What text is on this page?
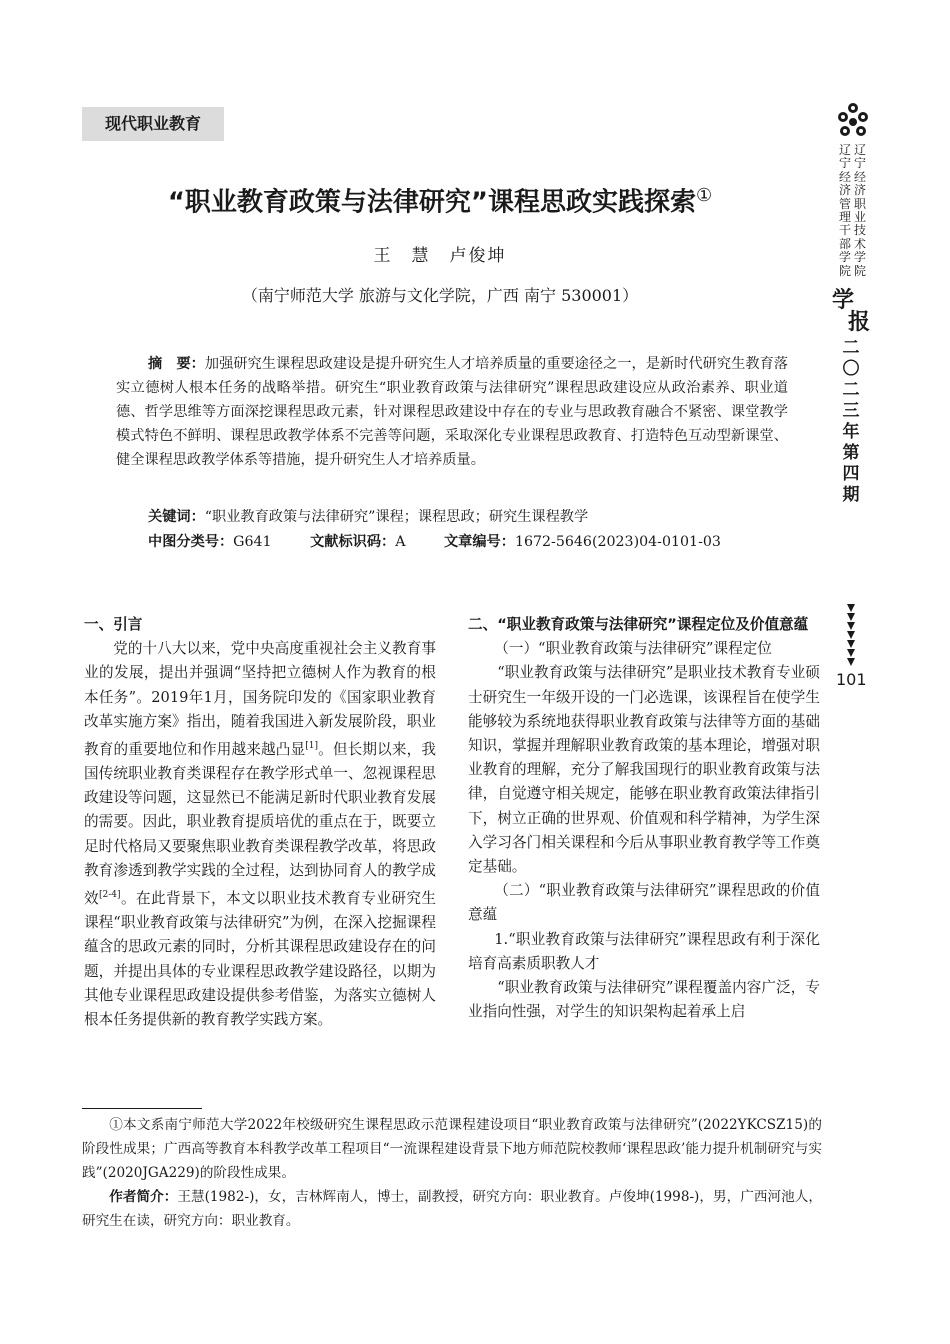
现代职业教育
“职业教育政策与法律研究”课程思政实践探索①
王　慧　卢俊坤
（南宁师范大学 旅游与文化学院，广西 南宁 530001）
摘　要：加强研究生课程思政建设是提升研究生人才培养质量的重要途径之一，是新时代研究生教育落实立德树人根本任务的战略举措。研究生“职业教育政策与法律研究”课程思政建设应从政治素养、职业道德、哲学思维等方面深挖课程思政元素，针对课程思政建设中存在的专业与思政教育融合不紧密、课堂教学模式特色不鲜明、课程思政教学体系不完善等问题，采取深化专业课程思政教育、打造特色互动型新课堂、健全课程思政教学体系等措施，提升研究生人才培养质量。
关键词：“职业教育政策与法律研究”课程；课程思政；研究生课程教学
中图分类号：G641	文献标识码：A	文章编号：1672-5646(2023)04-0101-03
一、引言

党的十八大以来，党中央高度重视社会主义教育事业的发展，提出并强调“坚持把立德树人作为教育的根本任务”。2019年1月，国务院印发的《国家职业教育改革实施方案》指出，随着我国进入新发展阶段，职业教育的重要地位和作用越来越凸显[1]。但长期以来，我国传统职业教育类课程存在教学形式单一、忽视课程思政建设等问题，这显然已不能满足新时代职业教育发展的需要。因此，职业教育提质培优的重点在于，既要立足时代格局又要聚焦职业教育类课程教学改革，将思政教育渗透到教学实践的全过程，达到协同育人的教学成效[2-4]。在此背景下，本文以职业技术教育专业研究生课程“职业教育政策与法律研究”为例，在深入挖掘课程蕴含的思政元素的同时，分析其课程思政建设存在的问题，并提出具体的专业课程思政教学建设路径，以期为其他专业课程思政建设提供参考借鉴，为落实立德树人根本任务提供新的教育教学实践方案。

二、“职业教育政策与法律研究”课程定位及价值意蕴
（一）“职业教育政策与法律研究”课程定位

“职业教育政策与法律研究”是职业技术教育专业硕士研究生一年级开设的一门必选课，该课程旨在使学生能够较为系统地获得职业教育政策与法律等方面的基础知识，掌握并理解职业教育政策的基本理论，增强对职业教育的理解，充分了解我国现行的职业教育政策与法律，自觉遵守相关规定，能够在职业教育政策法律指引下，树立正确的世界观、价值观和科学精神，为学生深入学习各门相关课程和今后从事职业教育教学等工作奠定基础。

（二）“职业教育政策与法律研究”课程思政的价值意蕴

1.“职业教育政策与法律研究”课程思政有利于深化培育高素质职教人才

“职业教育政策与法律研究”课程覆盖内容广泛，专业指向性强，对学生的知识架构起着承上启

①本文系南宁师范大学2022年校级研究生课程思政示范课程建设项目“职业教育政策与法律研究”(2022YKCSZ15)的阶段性成果；广西高等教育本科教学改革工程项目“一流课程建设背景下地方师范院校教师‘课程思政’能力提升机制研究与实践”(2020JGA229)的阶段性成果。

作者简介：王慧(1982-)，女，吉林辉南人，博士，副教授，研究方向：职业教育。卢俊坤(1998-)，男，广西河池人，研究生在读，研究方向：职业教育。

辽宁经济职业技术学院
辽宁经济管理干部学院
学
报
二〇二三年第四期
101
